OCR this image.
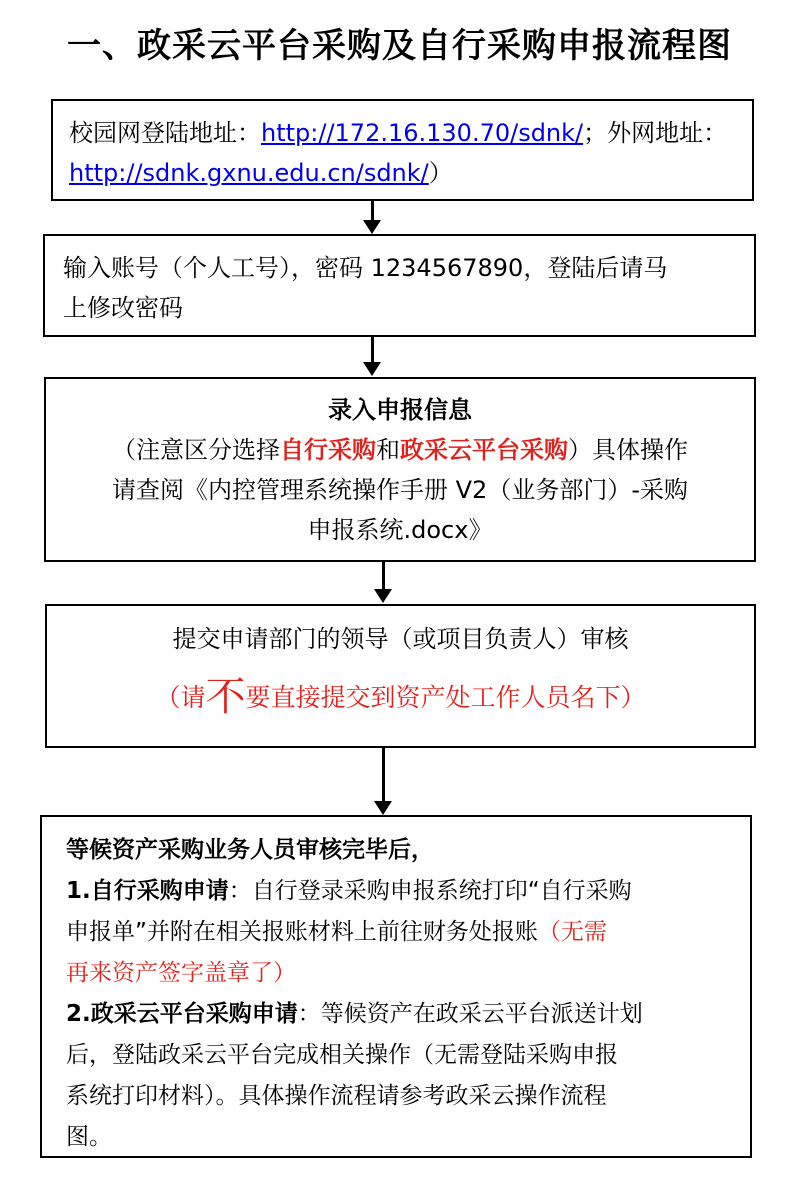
一、政采云平台采购及自行采购申报流程图
校园网登陆地址：http://172.16.130.70/sdnk/；外网地址：
http://sdnk.gxnu.edu.cn/sdnk/）
输入账号（个人工号），密码 1234567890，登陆后请马
上修改密码
录入申报信息
（注意区分选择自行采购和政采云平台采购）具体操作
请查阅《内控管理系统操作手册 V2（业务部门）-采购
申报系统.docx》
提交申请部门的领导（或项目负责人）审核
（请不要直接提交到资产处工作人员名下）
等候资产采购业务人员审核完毕后，
1.自行采购申请：自行登录采购申报系统打印“自行采购
申报单”并附在相关报账材料上前往财务处报账（无需
再来资产签字盖章了）
2.政采云平台采购申请：等候资产在政采云平台派送计划
后，登陆政采云平台完成相关操作（无需登陆采购申报
系统打印材料）。具体操作流程请参考政采云操作流程
图。
